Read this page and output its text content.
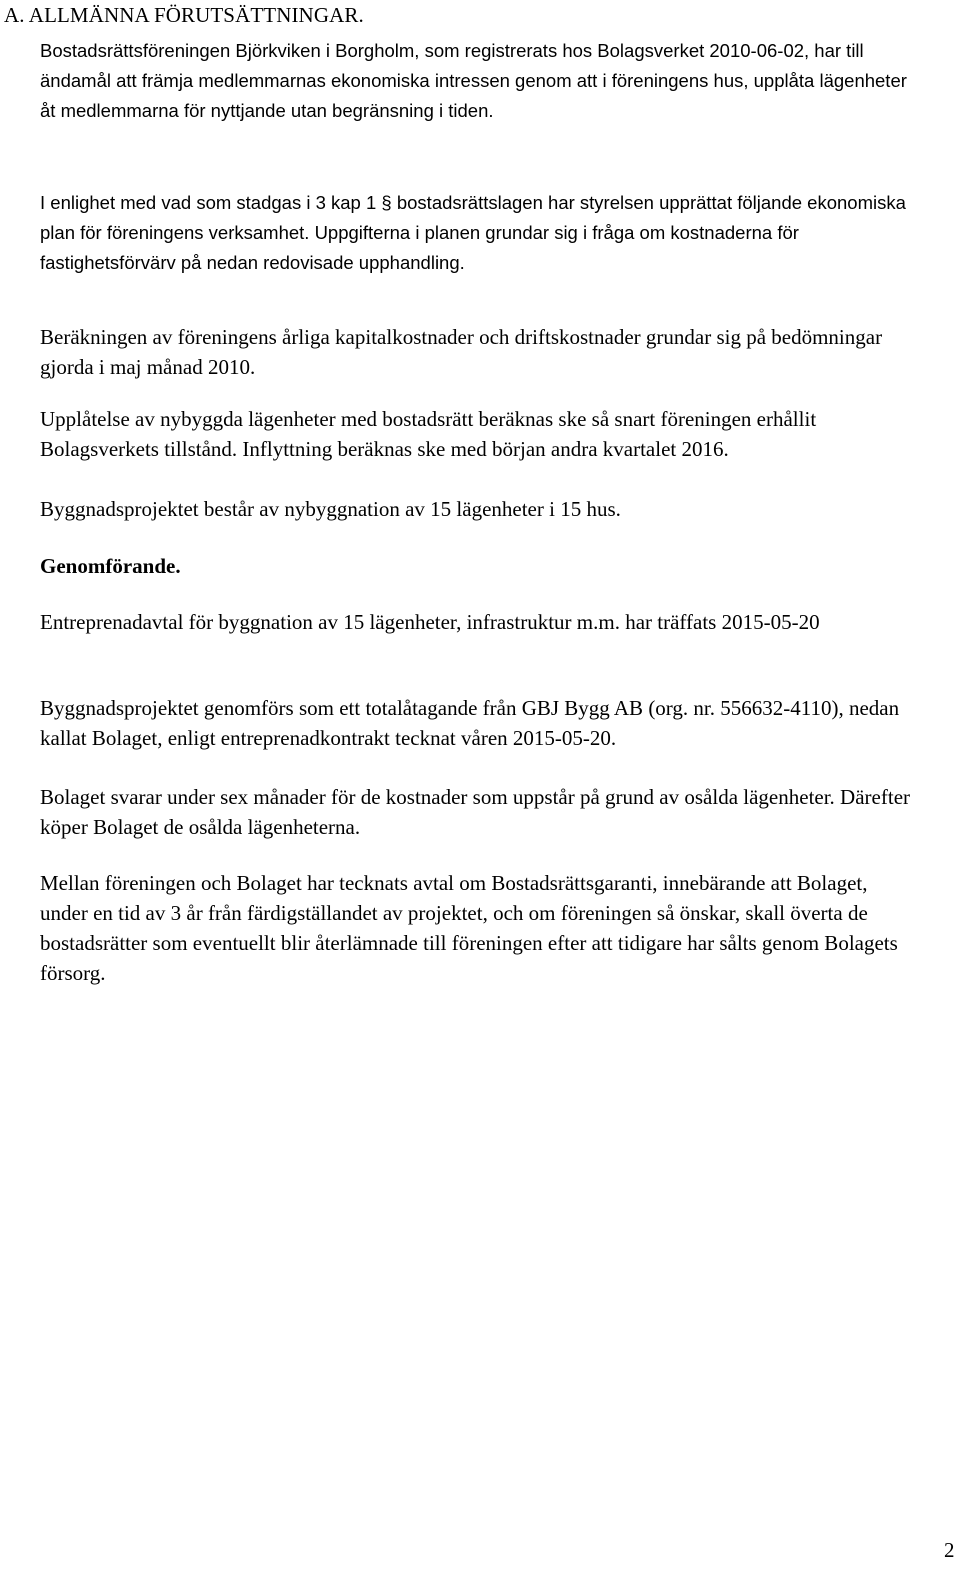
A. ALLMÄNNA FÖRUTSÄTTNINGAR.

Bostadsrättsföreningen Björkviken i Borgholm, som registrerats hos Bolagsverket 2010-06-02, har till ändamål att främja medlemmarnas ekonomiska intressen genom att i föreningens hus, upplåta lägenheter åt medlemmarna för nyttjande utan begränsning i tiden.

I enlighet med vad som stadgas i 3 kap 1 § bostadsrättslagen har styrelsen upprättat följande ekonomiska plan för föreningens verksamhet. Uppgifterna i planen grundar sig i fråga om kostnaderna för fastighetsförvärv på nedan redovisade upphandling.

Beräkningen av föreningens årliga kapitalkostnader och driftskostnader grundar sig på bedömningar gjorda i maj månad 2010.

Upplåtelse av nybyggda lägenheter med bostadsrätt beräknas ske så snart föreningen erhållit Bolagsverkets tillstånd. Inflyttning beräknas ske med början andra kvartalet 2016.

Byggnadsprojektet består av nybyggnation av 15 lägenheter i 15 hus.

Genomförande.

Entreprenadavtal för byggnation av 15 lägenheter, infrastruktur m.m. har träffats 2015-05-20

Byggnadsprojektet genomförs som ett totalåtagande från GBJ Bygg AB (org. nr. 556632-4110), nedan kallat Bolaget, enligt entreprenadkontrakt tecknat våren 2015-05-20.

Bolaget svarar under sex månader för de kostnader som uppstår på grund av osålda lägenheter. Därefter köper Bolaget de osålda lägenheterna.

Mellan föreningen och Bolaget har tecknats avtal om Bostadsrättsgaranti, innebärande att Bolaget, under en tid av 3 år från färdigställandet av projektet, och om föreningen så önskar, skall överta de bostadsrätter som eventuellt blir återlämnade till föreningen efter att tidigare har sålts genom Bolagets försorg.

2
